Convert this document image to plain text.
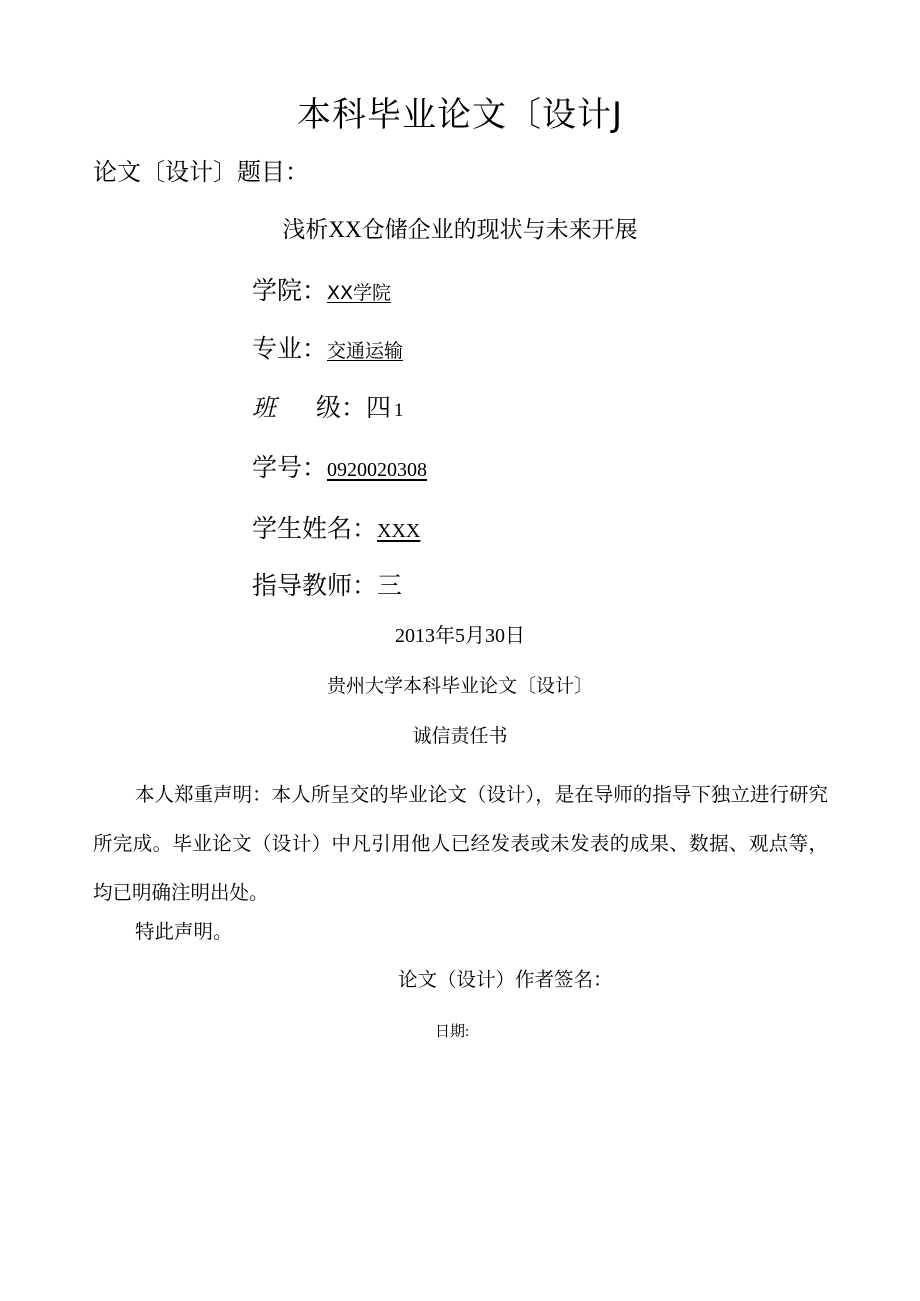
本科毕业论文〔设计J
论文〔设计〕题目：
浅析XX仓储企业的现状与未来开展
学院：XX学院
专业：交通运输
班 级：四 1
学号：0920020308
学生姓名：XXX
指导教师：三
2013年5月30日
贵州大学本科毕业论文〔设计〕
诚信责任书
本人郑重声明：本人所呈交的毕业论文（设计），是在导师的指导下独立进行研究所完成。毕业论文（设计）中凡引用他人已经发表或未发表的成果、数据、观点等，均已明确注明出处。
特此声明。
论文（设计）作者签名：
日期:
